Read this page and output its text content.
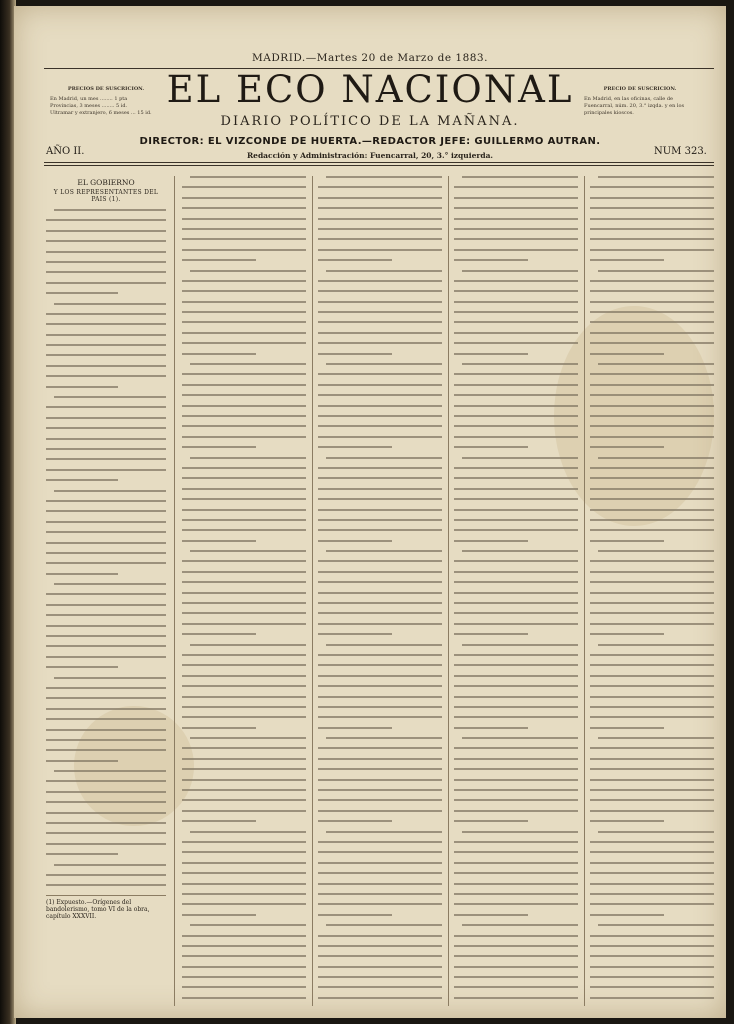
MADRID.—Martes 20 de Marzo de 1883.
PRECIOS DE SUSCRICION.
En Madrid, un mes ........ 1 pta
Provincias, 3 meses ........ 5 id.
Ultramar y extranjero, 6 meses ... 15 id.
EL ECO NACIONAL	PRECIO DE SUSCRICION.
En Madrid, en las oficinas, calle de
Fuencarral, núm. 20, 3.° izqda. y en los
principales kioscos.
DIARIO POLÍTICO DE LA MAÑANA.
DIRECTOR: EL VIZCONDE DE HUERTA.—REDACTOR JEFE: GUILLERMO AUTRAN.
AÑO II.	Redacción y Administración: Fuencarral, 20, 3.° izquierda.	NUM 323.
EL GOBIERNO
Y LOS REPRESENTANTES DEL PAIS (1).
(1) Expuesto.—Orígenes del bandolerismo, tomo VI de la obra, capítulo XXXVII.
